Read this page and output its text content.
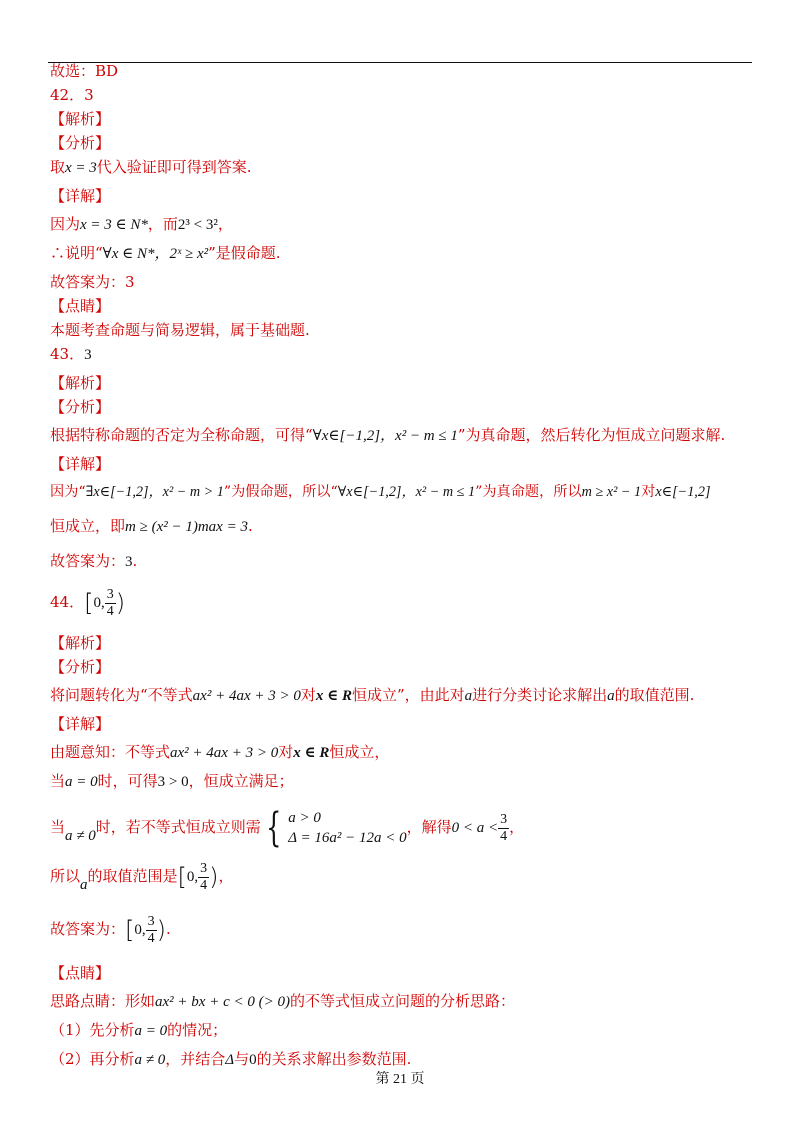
故选：BD

42．3

【解析】

【分析】

取x = 3代入验证即可得到答案.

【详解】

因为x = 3 ∈ N*，而2³ < 3²，

∴说明“∀x ∈ N*，2ˣ ≥ x²”是假命题.

故答案为：3

【点睛】

本题考查命题与简易逻辑，属于基础题.

43．3

【解析】

【分析】

根据特称命题的否定为全称命题，可得“∀x∈[−1,2]，x² − m ≤ 1”为真命题，然后转化为恒成立问题求解.

【详解】

因为“∃x∈[−1,2]，x² − m > 1”为假命题，所以“∀x∈[−1,2]，x² − m ≤ 1”为真命题，所以m ≥ x² − 1对x∈[−1,2]

恒成立，即m ≥ (x² − 1)max = 3.

故答案为：3.

44．[0, $\frac{3}{4}$ )

【解析】

【分析】

将问题转化为“不等式ax² + 4ax + 3 > 0对x ∈ R恒成立”，由此对a进行分类讨论求解出a的取值范围.

【详解】

由题意知：不等式ax² + 4ax + 3 > 0对x ∈ R恒成立，

当a = 0时，可得3 > 0，恒成立满足；

当a ≠ 0时，若不等式恒成立则需 { a > 0
Δ = 16a² − 12a < 0
，解得$0 < a < \frac{3}{4}$ ，

所以a的取值范围是[0, $\frac{3}{4}$ )，

故答案为：[0, $\frac{3}{4}$ ).

【点睛】

思路点睛：形如ax² + bx + c < 0 (> 0)的不等式恒成立问题的分析思路：

（1）先分析a = 0的情况；

（2）再分析a ≠ 0，并结合Δ与0的关系求解出参数范围.

第 21 页
